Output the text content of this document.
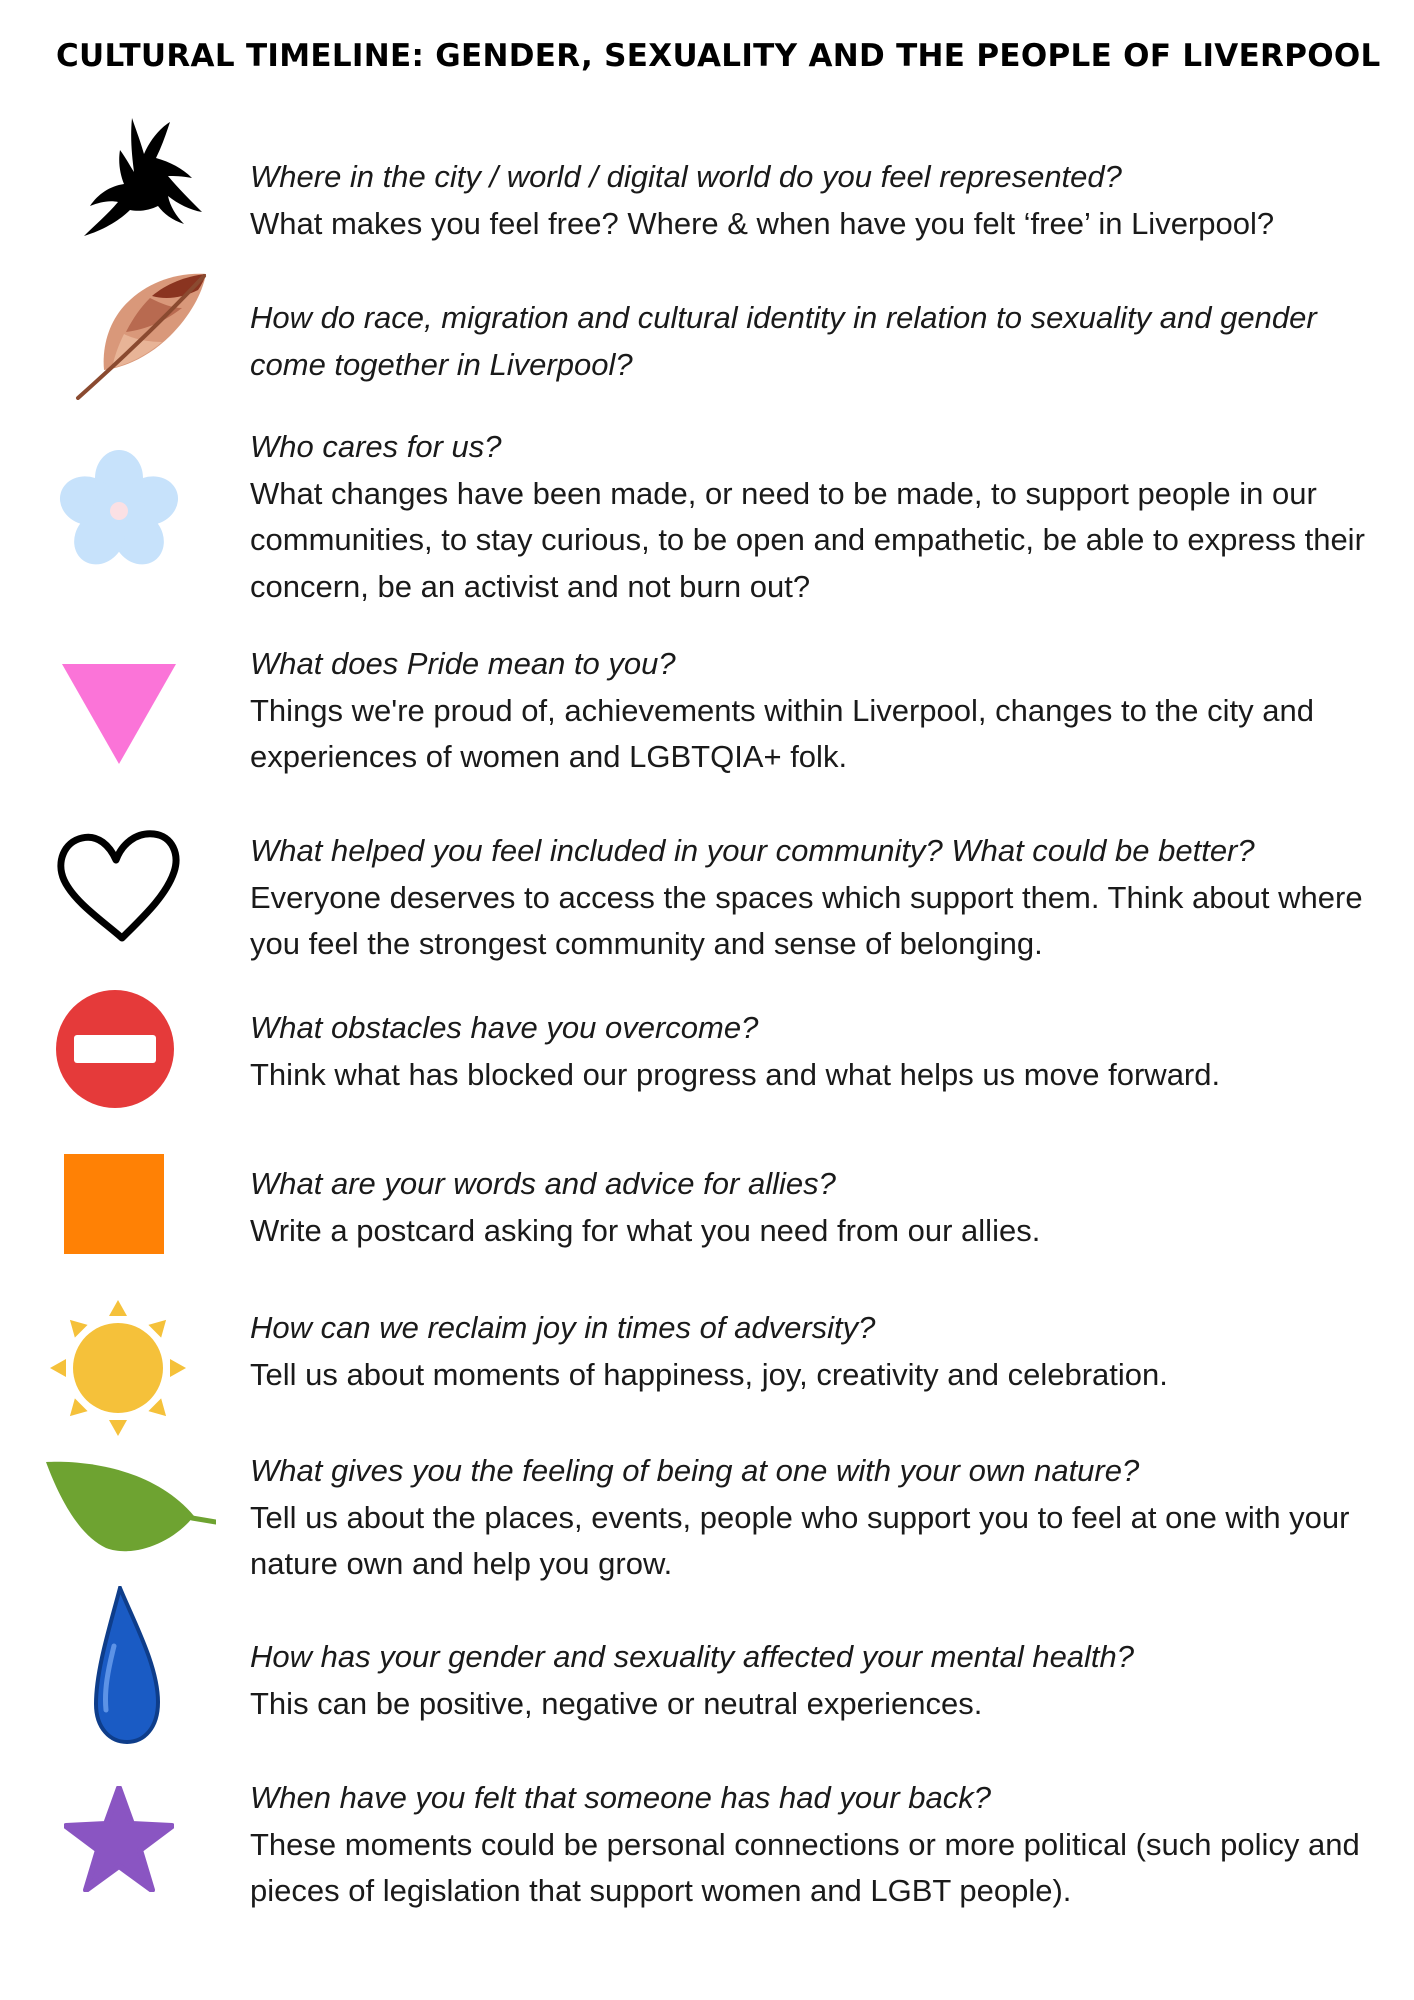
CULTURAL TIMELINE: GENDER, SEXUALITY AND THE PEOPLE OF LIVERPOOL
Where in the city / world / digital world do you feel represented?
What makes you feel free? Where & when have you felt ‘free’ in Liverpool?
How do race, migration and cultural identity in relation to sexuality and gender come together in Liverpool?
Who cares for us?
What changes have been made, or need to be made, to support people in our communities, to stay curious, to be open and empathetic, be able to express their concern, be an activist and not burn out?
What does Pride mean to you?
Things we're proud of, achievements within Liverpool, changes to the city and experiences of women and LGBTQIA+ folk.
What helped you feel included in your community? What could be better?
Everyone deserves to access the spaces which support them. Think about where you feel the strongest community and sense of belonging.
What obstacles have you overcome?
Think what has blocked our progress and what helps us move forward.
What are your words and advice for allies?
Write a postcard asking for what you need from our allies.
How can we reclaim joy in times of adversity?
Tell us about moments of happiness, joy, creativity and celebration.
What gives you the feeling of being at one with your own nature?
Tell us about the places, events, people who support you to feel at one with your nature own and help you grow.
How has your gender and sexuality affected your mental health?
This can be positive, negative or neutral experiences.
When have you felt that someone has had your back?
These moments could be personal connections or more political (such policy and pieces of legislation that support women and LGBT people).
